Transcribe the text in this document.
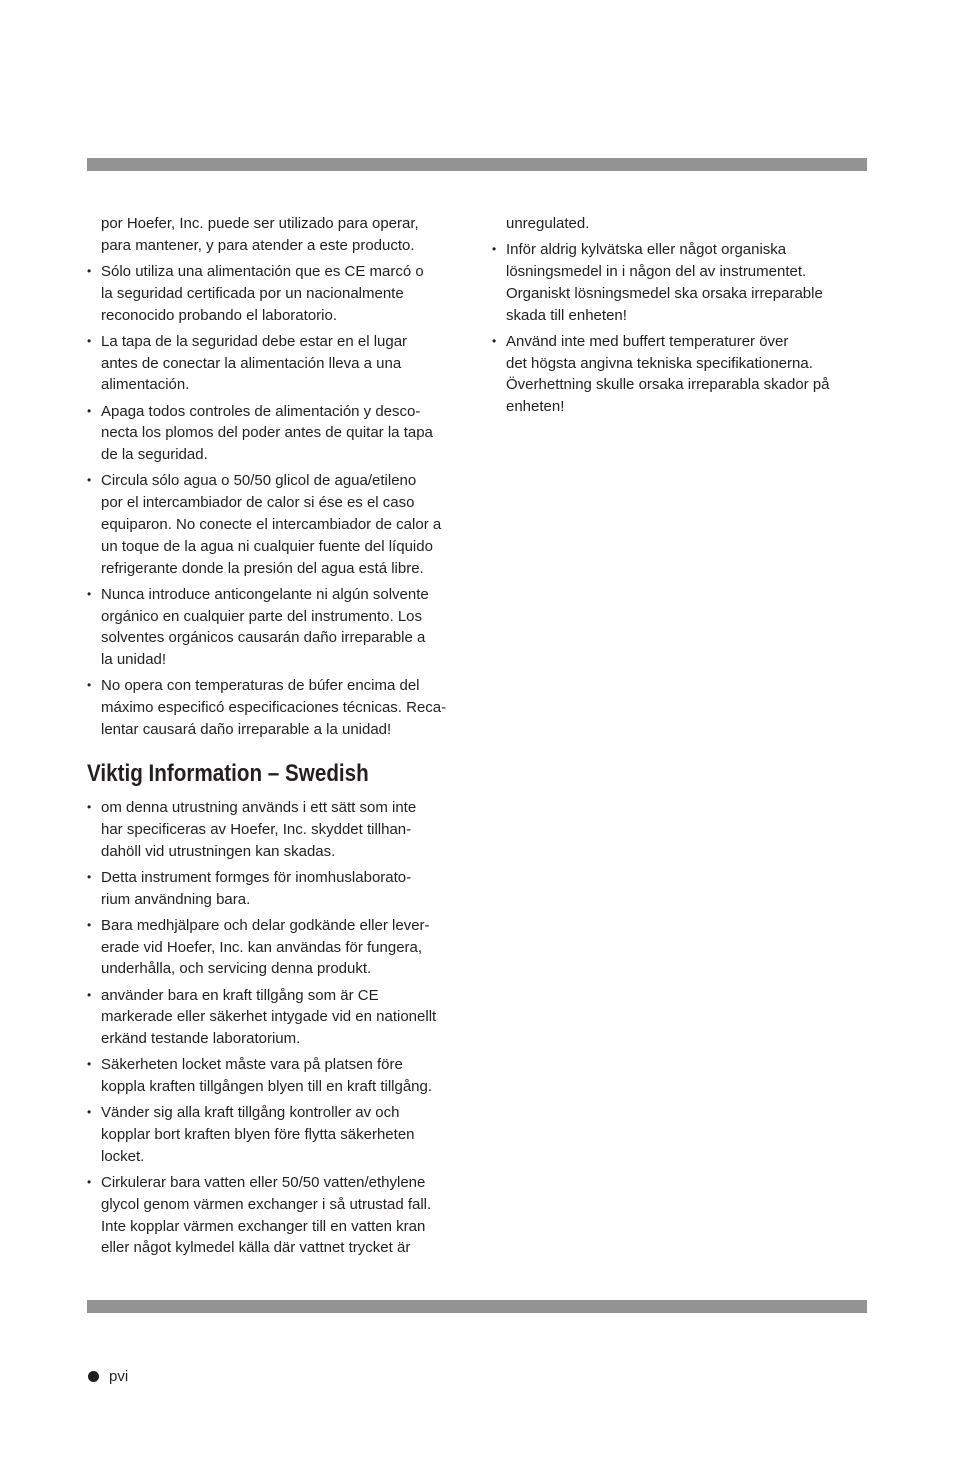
por Hoefer, Inc. puede ser utilizado para operar,
para mantener, y para atender a este producto.
• Sólo utiliza una alimentación que es CE marcó o
la seguridad certificada por un nacionalmente
reconocido probando el laboratorio.
• La tapa de la seguridad debe estar en el lugar
antes de conectar la alimentación lleva a una
alimentación.
• Apaga todos controles de alimentación y desco-
necta los plomos del poder antes de quitar la tapa
de la seguridad.
• Circula sólo agua o 50/50 glicol de agua/etileno
por el intercambiador de calor si ése es el caso
equiparon. No conecte el intercambiador de calor a
un toque de la agua ni cualquier fuente del líquido
refrigerante donde la presión del agua está libre.
• Nunca introduce anticongelante ni algún solvente
orgánico en cualquier parte del instrumento. Los
solventes orgánicos causarán daño irreparable a
la unidad!
• No opera con temperaturas de búfer encima del
máximo especificó especificaciones técnicas. Reca-
lentar causará daño irreparable a la unidad!
Viktig Information – Swedish
• om denna utrustning används i ett sätt som inte
har specificeras av Hoefer, Inc. skyddet tillhan-
dahöll vid utrustningen kan skadas.
• Detta instrument formges för inomhuslaborato-
rium användning bara.
• Bara medhjälpare och delar godkände eller lever-
erade vid Hoefer, Inc. kan användas för fungera,
underhålla, och servicing denna produkt.
• använder bara en kraft tillgång som är CE
markerade eller säkerhet intygade vid en nationellt
erkänd testande laboratorium.
• Säkerheten locket måste vara på platsen före
koppla kraften tillgången blyen till en kraft tillgång.
• Vänder sig alla kraft tillgång kontroller av och
kopplar bort kraften blyen före flytta säkerheten
locket.
• Cirkulerar bara vatten eller 50/50 vatten/ethylene
glycol genom värmen exchanger i så utrustad fall.
Inte kopplar värmen exchanger till en vatten kran
eller något kylmedel källa där vattnet trycket är
unregulated.
• Inför aldrig kylvätska eller något organiska
lösningsmedel in i någon del av instrumentet.
Organiskt lösningsmedel ska orsaka irreparable
skada till enheten!
• Använd inte med buffert temperaturer över
det högsta angivna tekniska specifikationerna.
Överhettning skulle orsaka irreparabla skador på
enheten!
pvi
